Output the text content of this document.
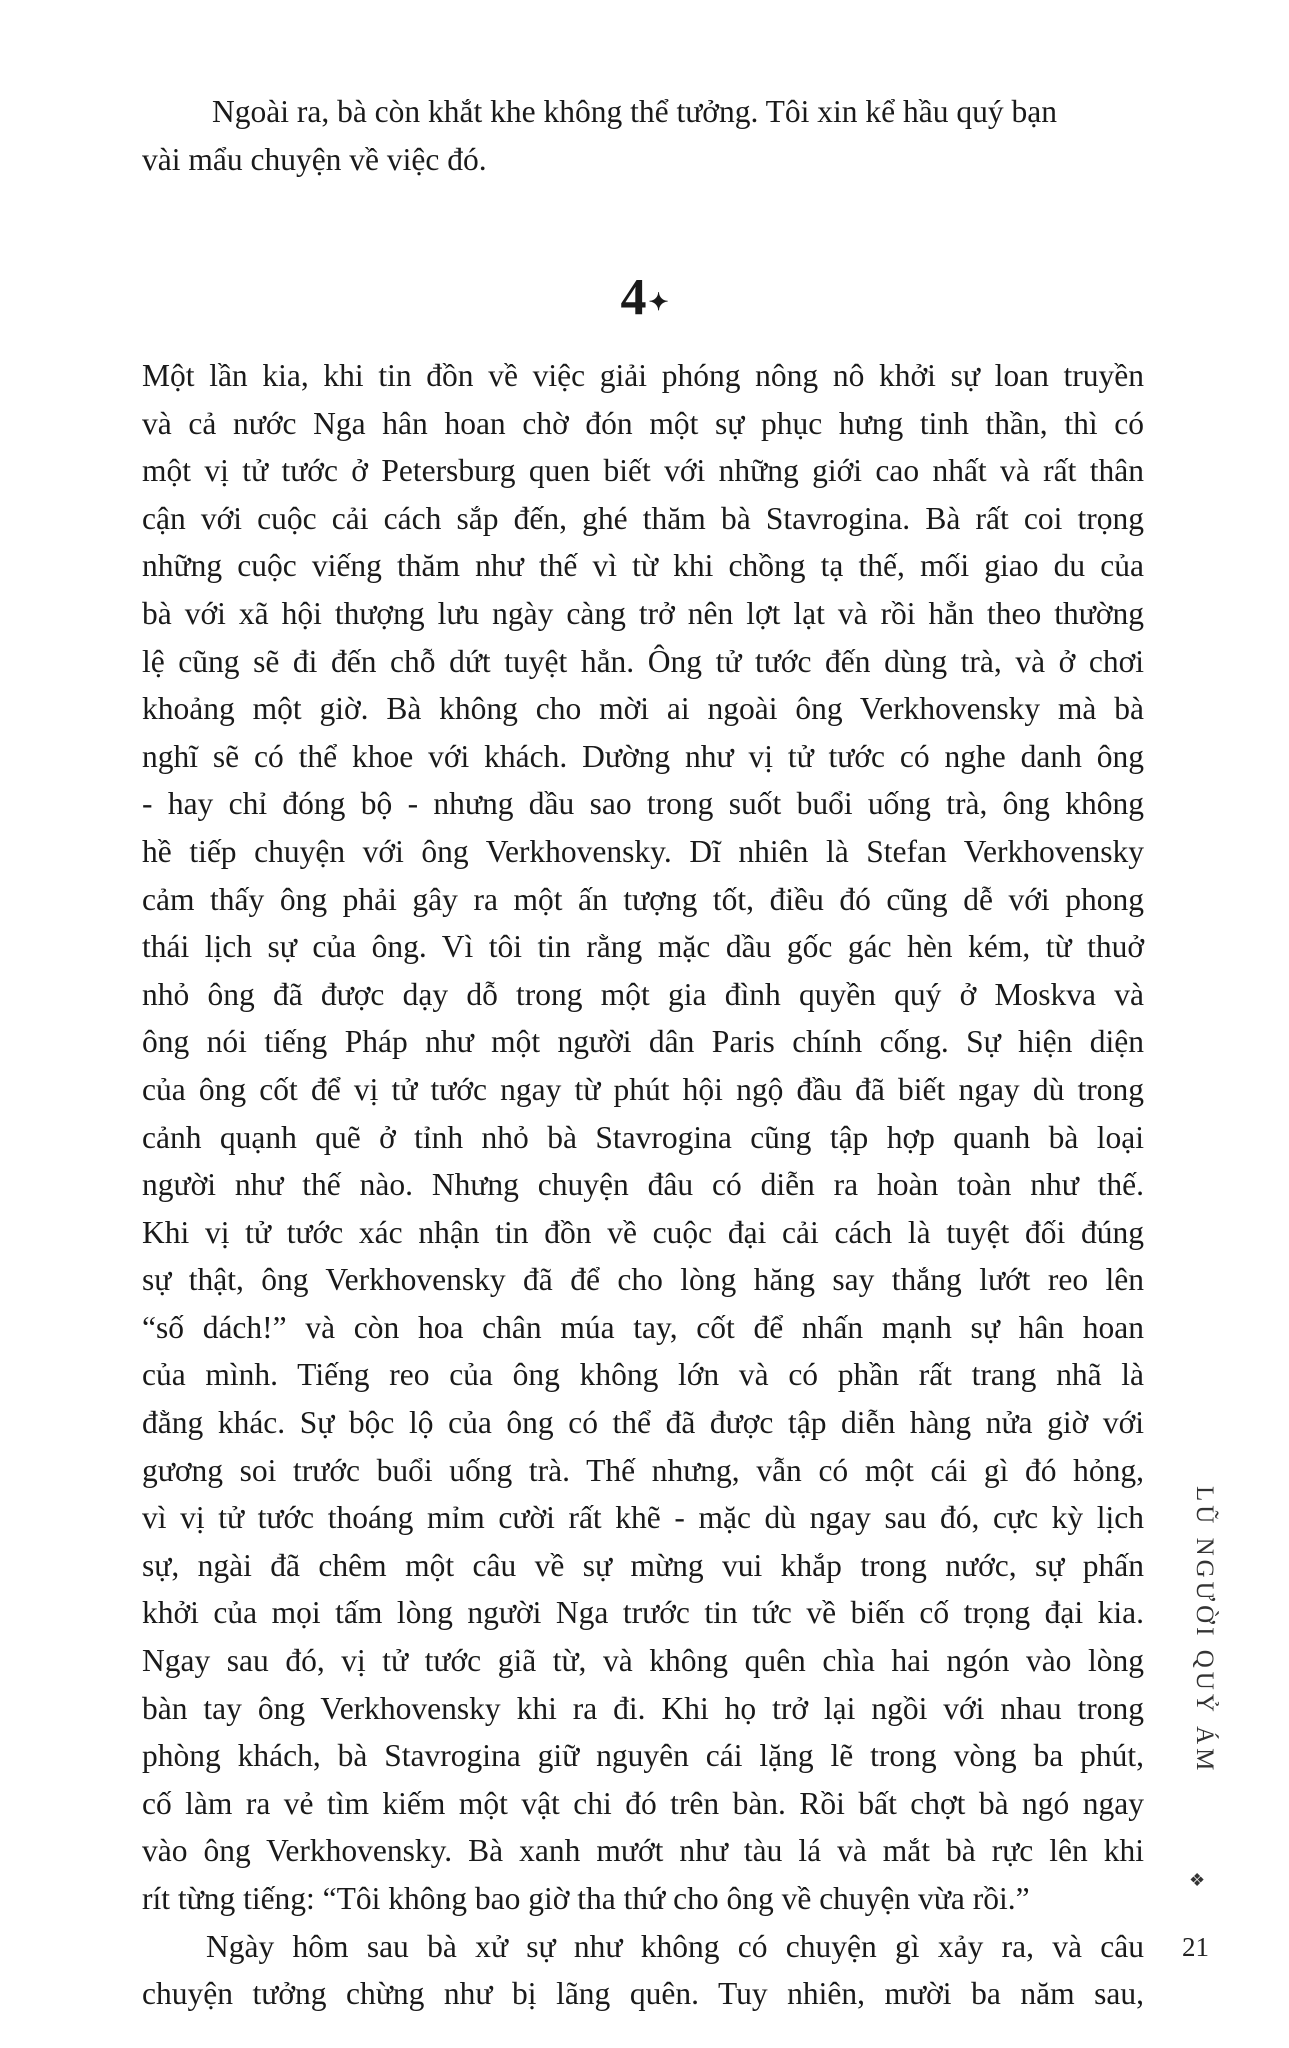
Ngoài ra, bà còn khắt khe không thể tưởng. Tôi xin kể hầu quý bạn
vài mẩu chuyện về việc đó.

4✦
Một lần kia, khi tin đồn về việc giải phóng nông nô khởi sự loan truyền
và cả nước Nga hân hoan chờ đón một sự phục hưng tinh thần, thì có
một vị tử tước ở Petersburg quen biết với những giới cao nhất và rất thân
cận với cuộc cải cách sắp đến, ghé thăm bà Stavrogina. Bà rất coi trọng
những cuộc viếng thăm như thế vì từ khi chồng tạ thế, mối giao du của
bà với xã hội thượng lưu ngày càng trở nên lợt lạt và rồi hẳn theo thường
lệ cũng sẽ đi đến chỗ dứt tuyệt hẳn. Ông tử tước đến dùng trà, và ở chơi
khoảng một giờ. Bà không cho mời ai ngoài ông Verkhovensky mà bà
nghĩ sẽ có thể khoe với khách. Dường như vị tử tước có nghe danh ông
- hay chỉ đóng bộ - nhưng dầu sao trong suốt buổi uống trà, ông không
hề tiếp chuyện với ông Verkhovensky. Dĩ nhiên là Stefan Verkhovensky
cảm thấy ông phải gây ra một ấn tượng tốt, điều đó cũng dễ với phong
thái lịch sự của ông. Vì tôi tin rằng mặc dầu gốc gác hèn kém, từ thuở
nhỏ ông đã được dạy dỗ trong một gia đình quyền quý ở Moskva và
ông nói tiếng Pháp như một người dân Paris chính cống. Sự hiện diện
của ông cốt để vị tử tước ngay từ phút hội ngộ đầu đã biết ngay dù trong
cảnh quạnh quẽ ở tỉnh nhỏ bà Stavrogina cũng tập hợp quanh bà loại
người như thế nào. Nhưng chuyện đâu có diễn ra hoàn toàn như thế.
Khi vị tử tước xác nhận tin đồn về cuộc đại cải cách là tuyệt đối đúng
sự thật, ông Verkhovensky đã để cho lòng hăng say thắng lướt reo lên
“số dách!” và còn hoa chân múa tay, cốt để nhấn mạnh sự hân hoan
của mình. Tiếng reo của ông không lớn và có phần rất trang nhã là
đằng khác. Sự bộc lộ của ông có thể đã được tập diễn hàng nửa giờ với
gương soi trước buổi uống trà. Thế nhưng, vẫn có một cái gì đó hỏng,
vì vị tử tước thoáng mỉm cười rất khẽ - mặc dù ngay sau đó, cực kỳ lịch
sự, ngài đã chêm một câu về sự mừng vui khắp trong nước, sự phấn
khởi của mọi tấm lòng người Nga trước tin tức về biến cố trọng đại kia.
Ngay sau đó, vị tử tước giã từ, và không quên chìa hai ngón vào lòng
bàn tay ông Verkhovensky khi ra đi. Khi họ trở lại ngồi với nhau trong
phòng khách, bà Stavrogina giữ nguyên cái lặng lẽ trong vòng ba phút,
cố làm ra vẻ tìm kiếm một vật chi đó trên bàn. Rồi bất chợt bà ngó ngay
vào ông Verkhovensky. Bà xanh mướt như tàu lá và mắt bà rực lên khi
rít từng tiếng: “Tôi không bao giờ tha thứ cho ông về chuyện vừa rồi.”
Ngày hôm sau bà xử sự như không có chuyện gì xảy ra, và câu
chuyện tưởng chừng như bị lãng quên. Tuy nhiên, mười ba năm sau,
LŨ NGƯỜI QUỶ ÁM
❖
21
